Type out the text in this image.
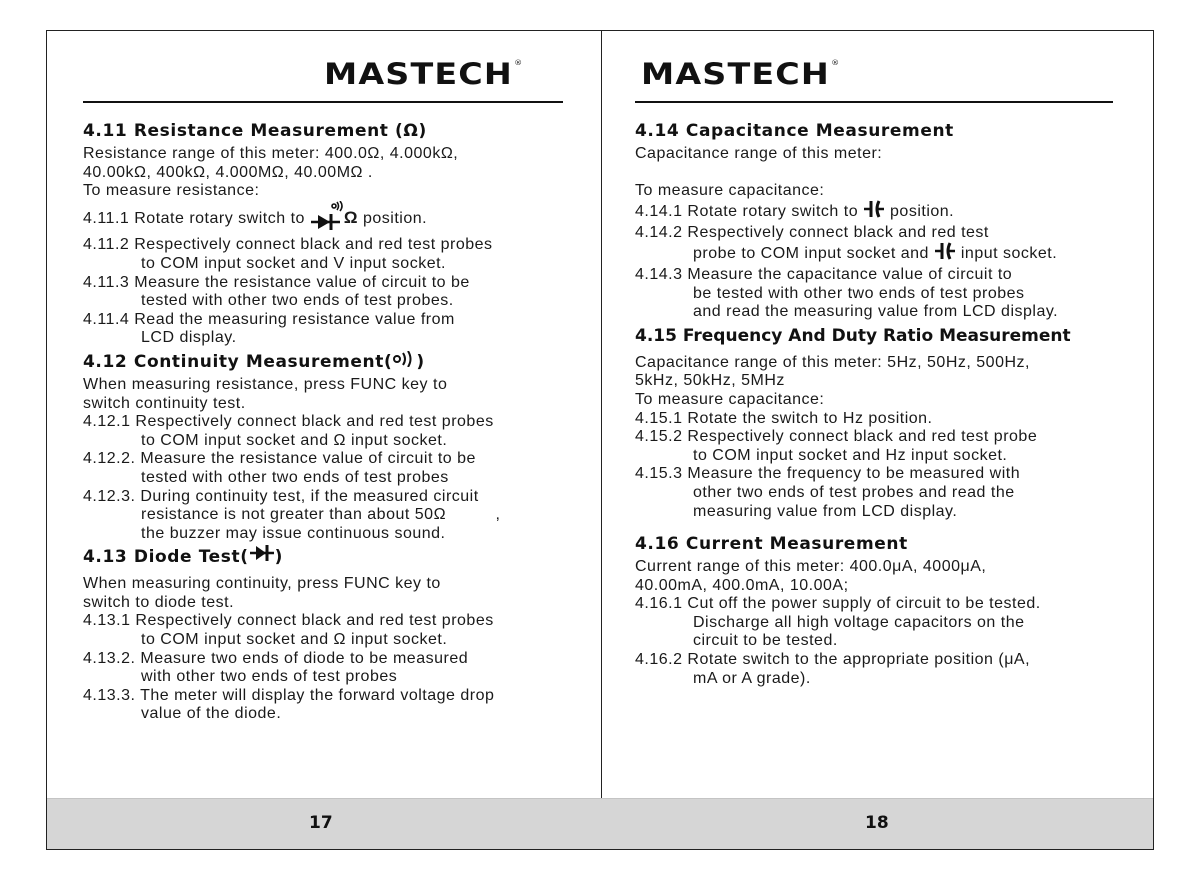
MASTECH®
4.11 Resistance Measurement (Ω)

Resistance range of this meter: 400.0Ω, 4.000kΩ,

40.00kΩ, 400kΩ, 4.000MΩ, 40.00MΩ .

To measure resistance:

4.11.1 Rotate rotary switch to Ω position.

4.11.2 Respectively connect black and red test probes

to COM input socket and V input socket.

4.11.3 Measure the resistance value of circuit to be

tested with other two ends of test probes.

4.11.4 Read the measuring resistance value from

LCD display.

4.12 Continuity Measurement( )

When measuring resistance, press FUNC key to

switch continuity test.

4.12.1 Respectively connect black and red test probes

to COM input socket and Ω input socket.

4.12.2. Measure the resistance value of circuit to be

tested with other two ends of test probes

4.12.3. During continuity test, if the measured circuit

resistance is not greater than about 50Ω          ,

the buzzer may issue continuous sound.

4.13 Diode Test( )

When measuring continuity, press FUNC key to

switch to diode test.

4.13.1 Respectively connect black and red test probes

to COM input socket and Ω input socket.

4.13.2. Measure two ends of diode to be measured

with other two ends of test probes

4.13.3. The meter will display the forward voltage drop

value of the diode.

MASTECH®
4.14 Capacitance Measurement

Capacitance range of this meter:

To measure capacitance:

4.14.1 Rotate rotary switch to position.

4.14.2 Respectively connect black and red test

probe to COM input socket and input socket.

4.14.3 Measure the capacitance value of circuit to

be tested with other two ends of test probes

and read the measuring value from LCD display.

4.15 Frequency And Duty Ratio Measurement

Capacitance range of this meter: 5Hz, 50Hz, 500Hz,

5kHz, 50kHz, 5MHz

To measure capacitance:

4.15.1 Rotate the switch to Hz position.

4.15.2 Respectively connect black and red test probe

to COM input socket and Hz input socket.

4.15.3 Measure the frequency to be measured with

other two ends of test probes and read the

measuring value from LCD display.

4.16 Current Measurement

Current range of this meter: 400.0μA, 4000μA,

40.00mA, 400.0mA, 10.00A;

4.16.1 Cut off the power supply of circuit to be tested.

Discharge all high voltage capacitors on the

circuit to be tested.

4.16.2 Rotate switch to the appropriate position (μA,

mA or A grade).

17	18
